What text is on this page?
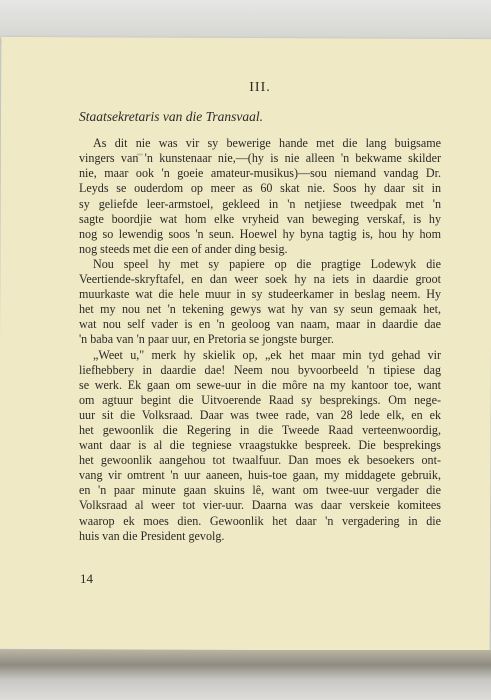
III.
Staatsekretaris van die Transvaal.

As dit nie was vir sy bewerige hande met die lang buigsame
vingers van 'n kunstenaar nie,—(hy is nie alleen 'n bekwame skilder
nie, maar ook 'n goeie amateur-musikus)—sou niemand vandag Dr.
Leyds se ouderdom op meer as 60 skat nie. Soos hy daar sit in
sy geliefde leer-armstoel, gekleed in 'n netjiese tweedpak met 'n
sagte boordjie wat hom elke vryheid van beweging verskaf, is hy
nog so lewendig soos 'n seun. Hoewel hy byna tagtig is, hou hy hom
nog steeds met die een of ander ding besig.

Nou speel hy met sy papiere op die pragtige Lodewyk die
Veertiende-skryftafel, en dan weer soek hy na iets in daardie groot
muurkaste wat die hele muur in sy studeerkamer in beslag neem. Hy
het my nou net 'n tekening gewys wat hy van sy seun gemaak het,
wat nou self vader is en 'n geoloog van naam, maar in daardie dae
'n baba van 'n paar uur, en Pretoria se jongste burger.

„Weet u," merk hy skielik op, „ek het maar min tyd gehad vir
liefhebbery in daardie dae! Neem nou byvoorbeeld 'n tipiese dag
se werk. Ek gaan om sewe-uur in die môre na my kantoor toe, want
om agtuur begint die Uitvoerende Raad sy besprekings. Om nege-
uur sit die Volksraad. Daar was twee rade, van 28 lede elk, en ek
het gewoonlik die Regering in die Tweede Raad verteenwoordig,
want daar is al die tegniese vraagstukke bespreek. Die besprekings
het gewoonlik aangehou tot twaalfuur. Dan moes ek besoekers ont-
vang vir omtrent 'n uur aaneen, huis-toe gaan, my middagete gebruik,
en 'n paar minute gaan skuins lê, want om twee-uur vergader die
Volksraad al weer tot vier-uur. Daarna was daar verskeie komitees
waarop ek moes dien. Gewoonlik het daar 'n vergadering in die
huis van die President gevolg.

14
